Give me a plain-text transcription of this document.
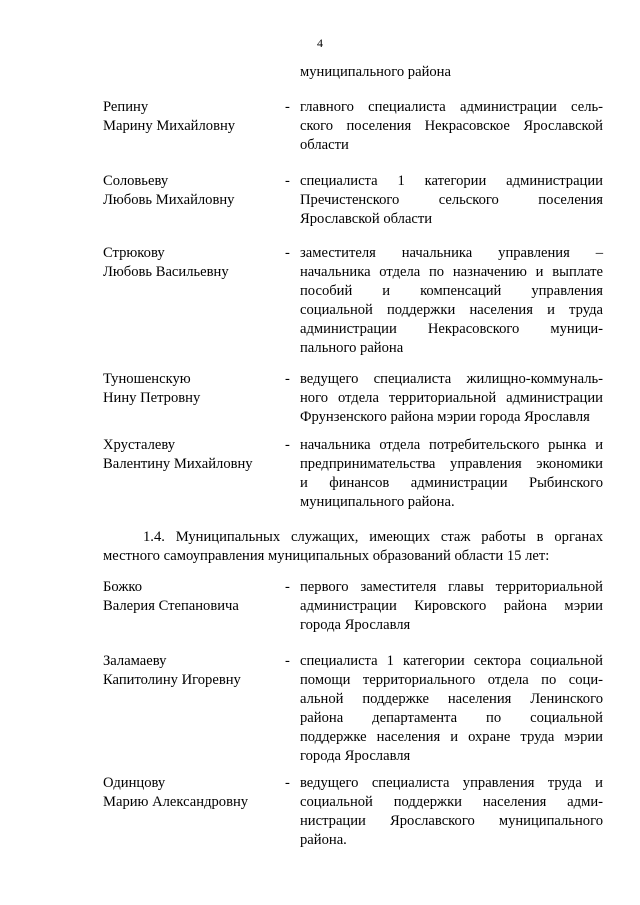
4
муниципального района
Репину
Марину Михайловну
- главного специалиста администрации сель-
ского поселения Некрасовское Ярославской
области
Соловьеву
Любовь Михайловну
- специалиста 1 категории администрации
Пречистенского сельского поселения
Ярославской области
Стрюкову
Любовь Васильевну
- заместителя начальника управления –
начальника отдела по назначению и выплате
пособий и компенсаций управления
социальной поддержки населения и труда
администрации Некрасовского муници-
пального района
Туношенскую
Нину Петровну
- ведущего специалиста жилищно-коммуналь-
ного отдела территориальной администрации
Фрунзенского района мэрии города Ярославля
Хрусталеву
Валентину Михайловну
- начальника отдела потребительского рынка и
предпринимательства управления экономики
и финансов администрации Рыбинского
муниципального района.
1.4. Муниципальных служащих, имеющих стаж работы в органах
местного самоуправления муниципальных образований области 15 лет:
Божко
Валерия Степановича
- первого заместителя главы территориальной
администрации Кировского района мэрии
города Ярославля
Заламаеву
Капитолину Игоревну
- специалиста 1 категории сектора социальной
помощи территориального отдела по соци-
альной поддержке населения Ленинского
района департамента по социальной
поддержке населения и охране труда мэрии
города Ярославля
Одинцову
Марию Александровну
- ведущего специалиста управления труда и
социальной поддержки населения адми-
нистрации Ярославского муниципального
района.
